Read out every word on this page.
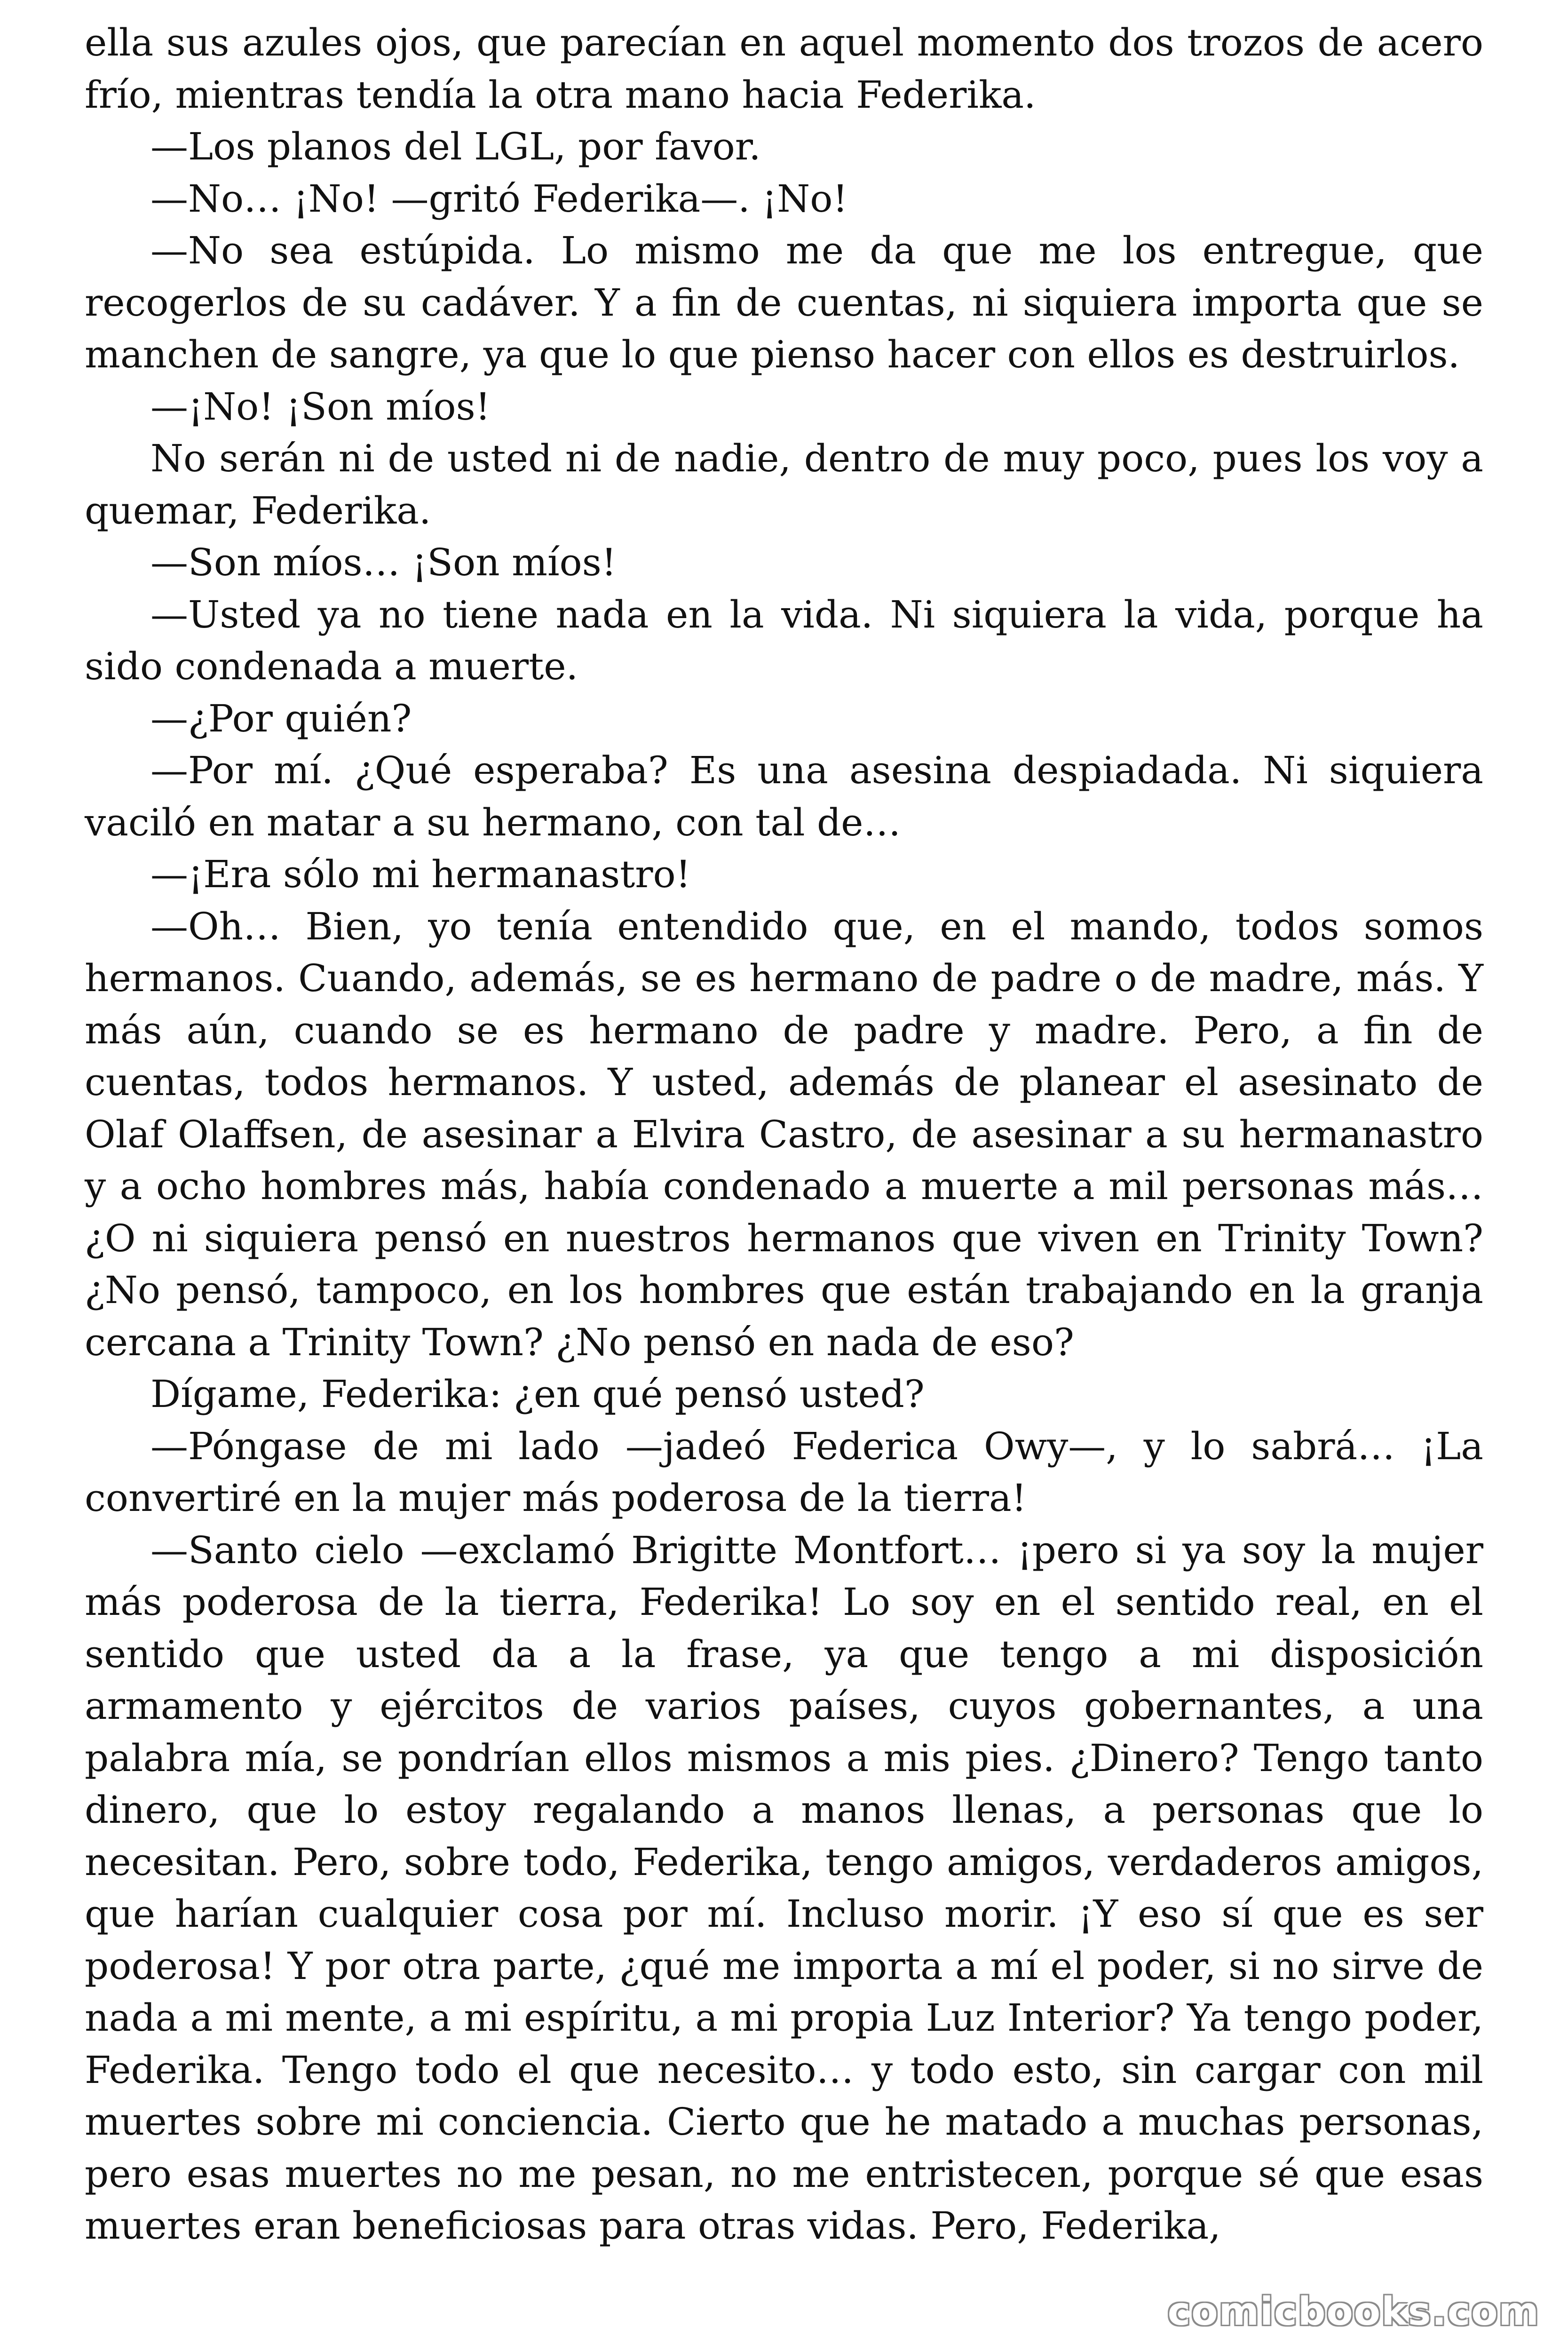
ella sus azules ojos, que parecían en aquel momento dos trozos de acero frío, mientras tendía la otra mano hacia Federika.

—Los planos del LGL, por favor.

—No… ¡No! —gritó Federika—. ¡No!

—No sea estúpida. Lo mismo me da que me los entregue, que recogerlos de su cadáver. Y a fin de cuentas, ni siquiera importa que se manchen de sangre, ya que lo que pienso hacer con ellos es destruirlos.

—¡No! ¡Son míos!

No serán ni de usted ni de nadie, dentro de muy poco, pues los voy a quemar, Federika.

—Son míos… ¡Son míos!

—Usted ya no tiene nada en la vida. Ni siquiera la vida, porque ha sido condenada a muerte.

—¿Por quién?

—Por mí. ¿Qué esperaba? Es una asesina despiadada. Ni siquiera vaciló en matar a su hermano, con tal de…

—¡Era sólo mi hermanastro!

—Oh… Bien, yo tenía entendido que, en el mando, todos somos hermanos. Cuando, además, se es hermano de padre o de madre, más. Y más aún, cuando se es hermano de padre y madre. Pero, a fin de cuentas, todos hermanos. Y usted, además de planear el asesinato de Olaf Olaffsen, de asesinar a Elvira Castro, de asesinar a su hermanastro y a ocho hombres más, había condenado a muerte a mil personas más… ¿O ni siquiera pensó en nuestros hermanos que viven en Trinity Town? ¿No pensó, tampoco, en los hombres que están trabajando en la granja cercana a Trinity Town? ¿No pensó en nada de eso?

Dígame, Federika: ¿en qué pensó usted?

—Póngase de mi lado —jadeó Federica Owy—, y lo sabrá… ¡La convertiré en la mujer más poderosa de la tierra!

—Santo cielo —exclamó Brigitte Montfort… ¡pero si ya soy la mujer más poderosa de la tierra, Federika! Lo soy en el sentido real, en el sentido que usted da a la frase, ya que tengo a mi disposición armamento y ejércitos de varios países, cuyos gobernantes, a una palabra mía, se pondrían ellos mismos a mis pies. ¿Dinero? Tengo tanto dinero, que lo estoy regalando a manos llenas, a personas que lo necesitan. Pero, sobre todo, Federika, tengo amigos, verdaderos amigos, que harían cualquier cosa por mí. Incluso morir. ¡Y eso sí que es ser poderosa! Y por otra parte, ¿qué me importa a mí el poder, si no sirve de nada a mi mente, a mi espíritu, a mi propia Luz Interior? Ya tengo poder, Federika. Tengo todo el que necesito… y todo esto, sin cargar con mil muertes sobre mi conciencia. Cierto que he matado a muchas personas, pero esas muertes no me pesan, no me entristecen, porque sé que esas muertes eran beneficiosas para otras vidas. Pero, Federika,

comicbooks.com
